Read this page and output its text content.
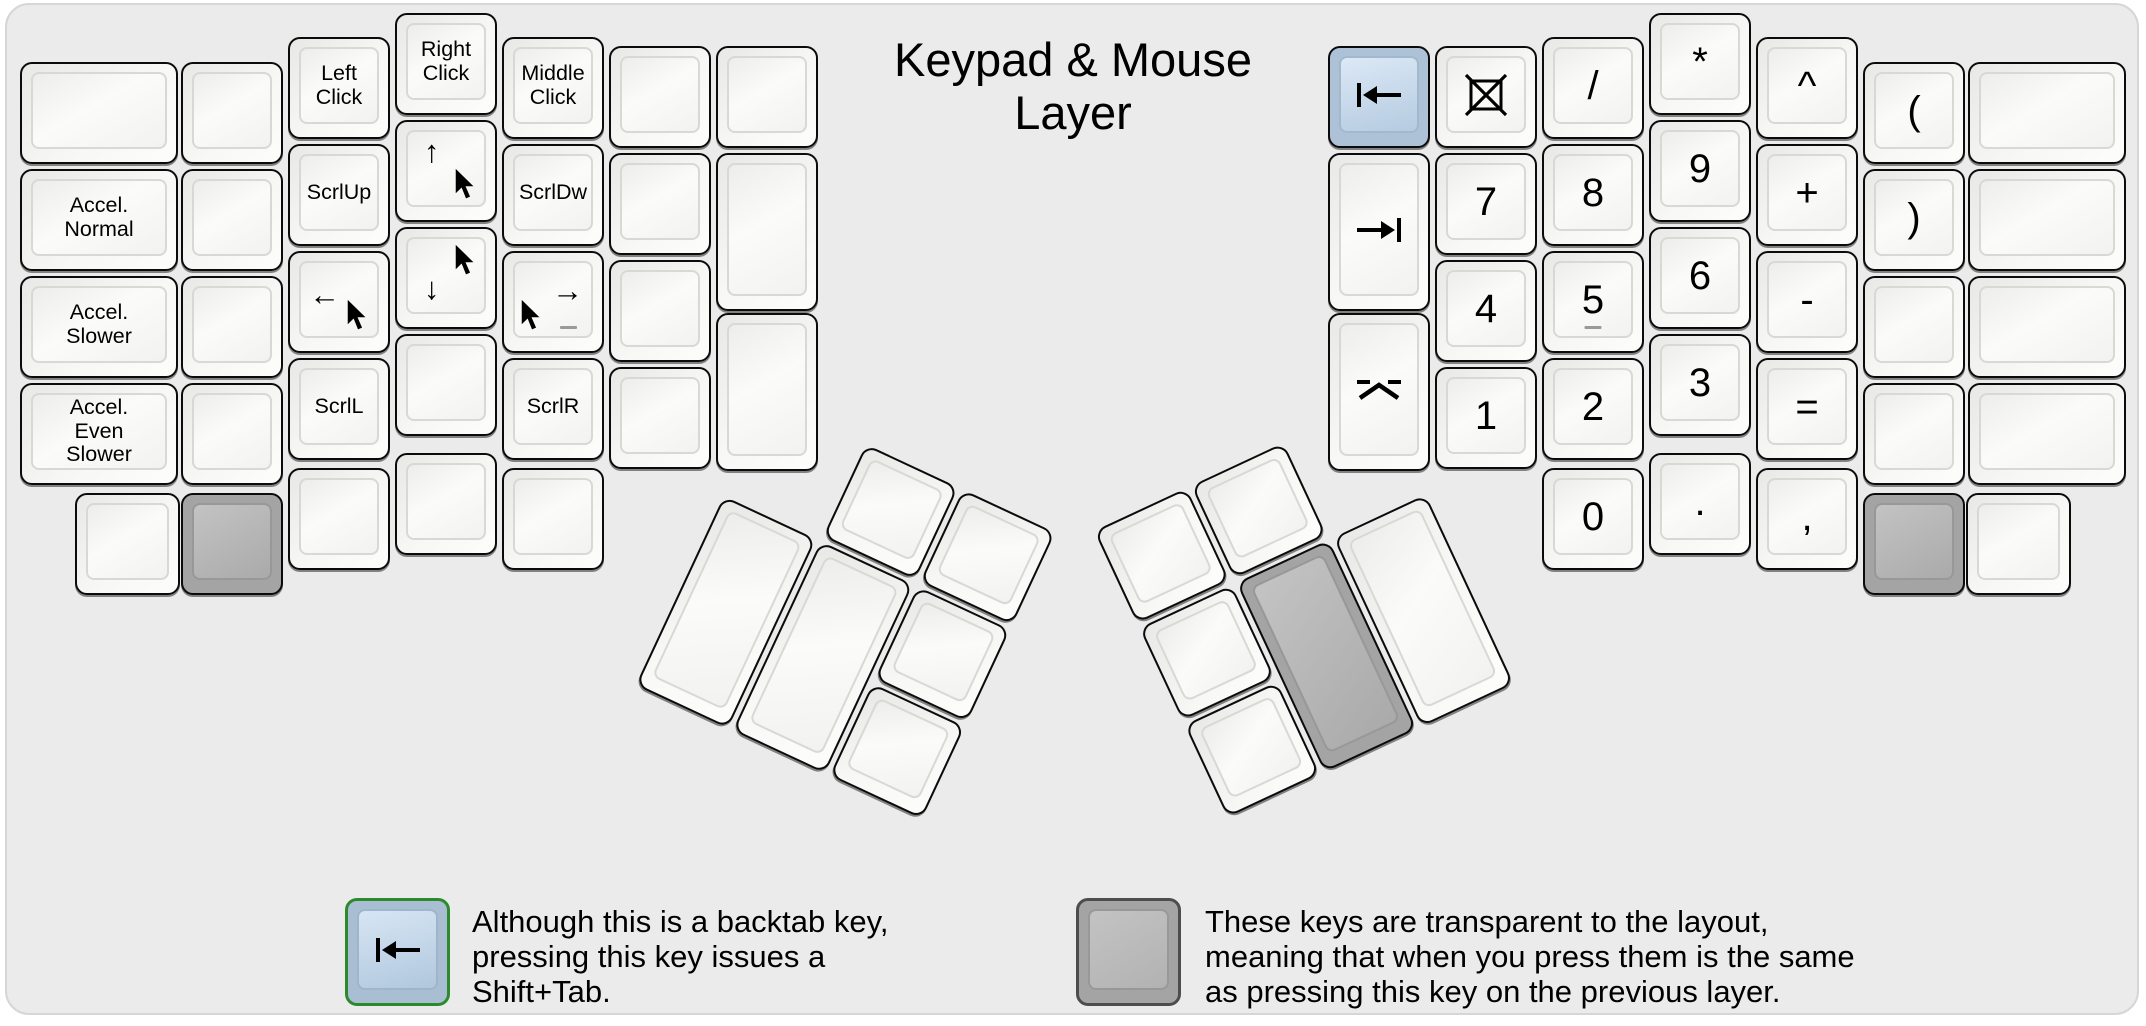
Keypad & Mouse
Layer
Accel.
Normal
Accel.
Slower
Accel.
Even
Slower
Left
Click
ScrlUp
←
ScrlL
Right
Click
↑
↓
Middle
Click
ScrlDw
→
ScrlR
7
4
1
/
8
5
2
0
*
9
6
3
.
^
+
-
=
,
(
)
Although this is a backtab key,
pressing this key issues a
Shift+Tab.
These keys are transparent to the layout,
meaning that when you press them is the same
as pressing this key on the previous layer.
